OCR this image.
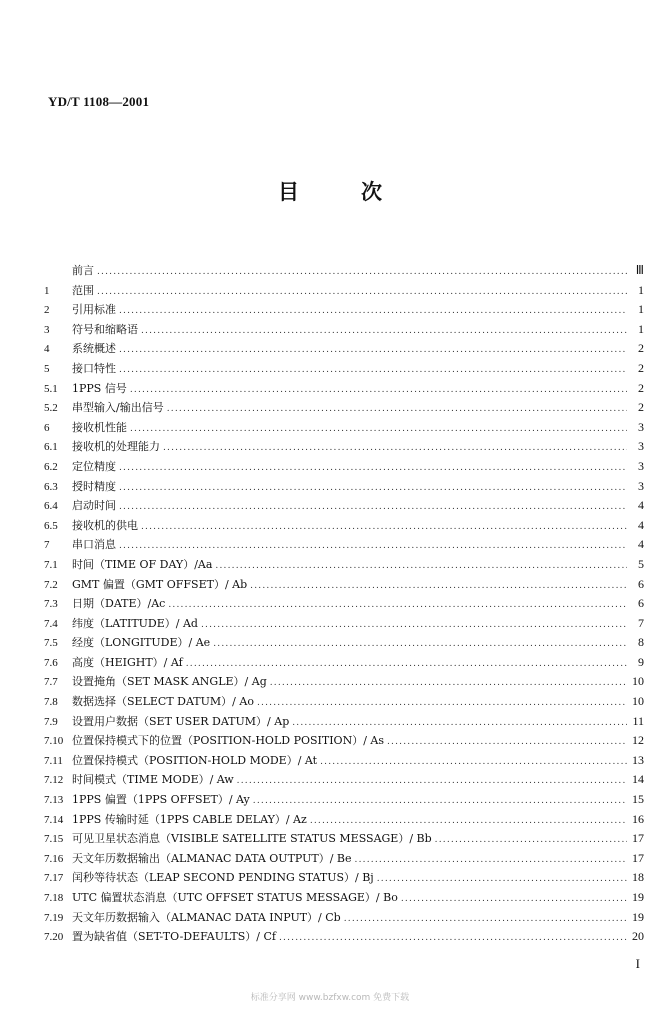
YD/T 1108—2001
目	次
前言 .....	Ⅲ
1	范围 .....	1
2	引用标准 .....	1
3	符号和缩略语 .....	1
4	系统概述 .....	2
5	接口特性 .....	2
5.1	1PPS 信号 .....	2
5.2	串型输入/输出信号 .....	2
6	接收机性能 .....	3
6.1	接收机的处理能力 .....	3
6.2	定位精度 .....	3
6.3	授时精度 .....	3
6.4	启动时间 .....	4
6.5	接收机的供电 .....	4
7	串口消息 .....	4
7.1	时间（TIME OF DAY）/Aa .....	5
7.2	GMT 偏置（GMT OFFSET）/ Ab .....	6
7.3	日期（DATE）/Ac .....	6
7.4	纬度（LATITUDE）/ Ad .....	7
7.5	经度（LONGITUDE）/ Ae .....	8
7.6	高度（HEIGHT）/ Af .....	9
7.7	设置掩角（SET MASK ANGLE）/ Ag .....	10
7.8	数据选择（SELECT DATUM）/ Ao .....	10
7.9	设置用户数据（SET USER DATUM）/ Ap .....	11
7.10 位置保持模式下的位置（POSITION-HOLD POSITION）/ As .....	12
7.11 位置保持模式（POSITION-HOLD MODE）/ At .....	13
7.12 时间模式（TIME MODE）/ Aw .....	14
7.13 1PPS 偏置（1PPS OFFSET）/ Ay .....	15
7.14 1PPS 传输时延（1PPS CABLE DELAY）/ Az .....	16
7.15 可见卫星状态消息（VISIBLE SATELLITE STATUS MESSAGE）/ Bb .....	17
7.16 天文年历数据输出（ALMANAC DATA OUTPUT）/ Be .....	17
7.17 闰秒等待状态（LEAP SECOND PENDING STATUS）/ Bj .....	18
7.18 UTC 偏置状态消息（UTC OFFSET STATUS MESSAGE）/ Bo .....	19
7.19 天文年历数据输入（ALMANAC DATA INPUT）/ Cb .....	19
7.20 置为缺省值（SET-TO-DEFAULTS）/ Cf .....	20
I
标准分享网 www.bzfxw.com 免费下载
